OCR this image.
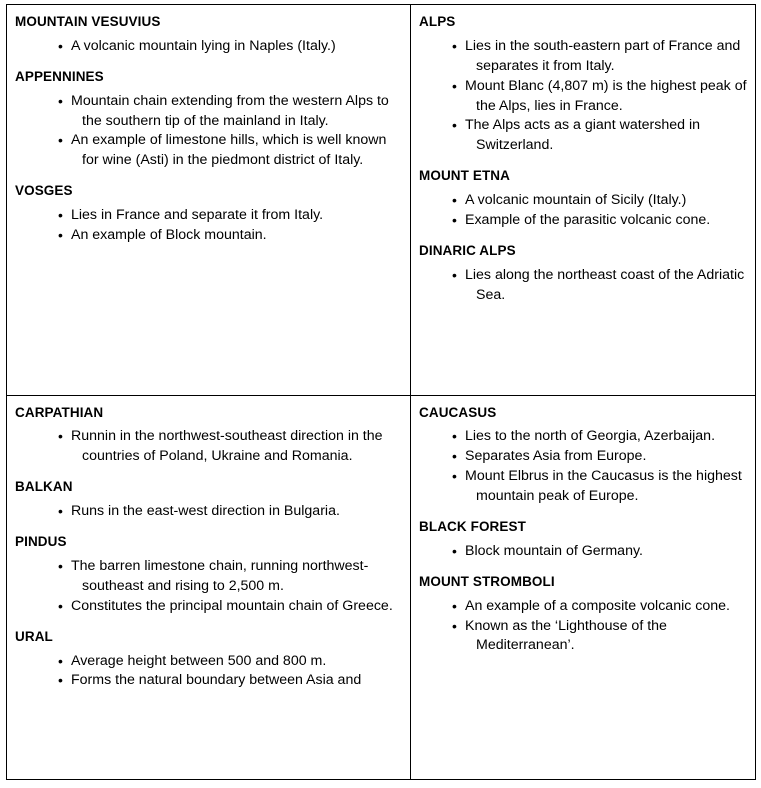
MOUNTAIN VESUVIUS
• A volcanic mountain lying in Naples (Italy.)
APPENNINES
• Mountain chain extending from the western Alps to the southern tip of the mainland in Italy.
• An example of limestone hills, which is well known for wine (Asti) in the piedmont district of Italy.
VOSGES
• Lies in France and separate it from Italy.
• An example of Block mountain.

ALPS
• Lies in the south-eastern part of France and separates it from Italy.
• Mount Blanc (4,807 m) is the highest peak of the Alps, lies in France.
• The Alps acts as a giant watershed in Switzerland.
MOUNT ETNA
• A volcanic mountain of Sicily (Italy.)
• Example of the parasitic volcanic cone.
DINARIC ALPS
• Lies along the northeast coast of the Adriatic Sea.

CARPATHIAN
• Runnin in the northwest-southeast direction in the countries of Poland, Ukraine and Romania.
BALKAN
• Runs in the east-west direction in Bulgaria.
PINDUS
• The barren limestone chain, running northwest-southeast and rising to 2,500 m.
• Constitutes the principal mountain chain of Greece.
URAL
• Average height between 500 and 800 m.
• Forms the natural boundary between Asia and

CAUCASUS
• Lies to the north of Georgia, Azerbaijan.
• Separates Asia from Europe.
• Mount Elbrus in the Caucasus is the highest mountain peak of Europe.
BLACK FOREST
• Block mountain of Germany.
MOUNT STROMBOLI
• An example of a composite volcanic cone.
• Known as the ‘Lighthouse of the Mediterranean’.
